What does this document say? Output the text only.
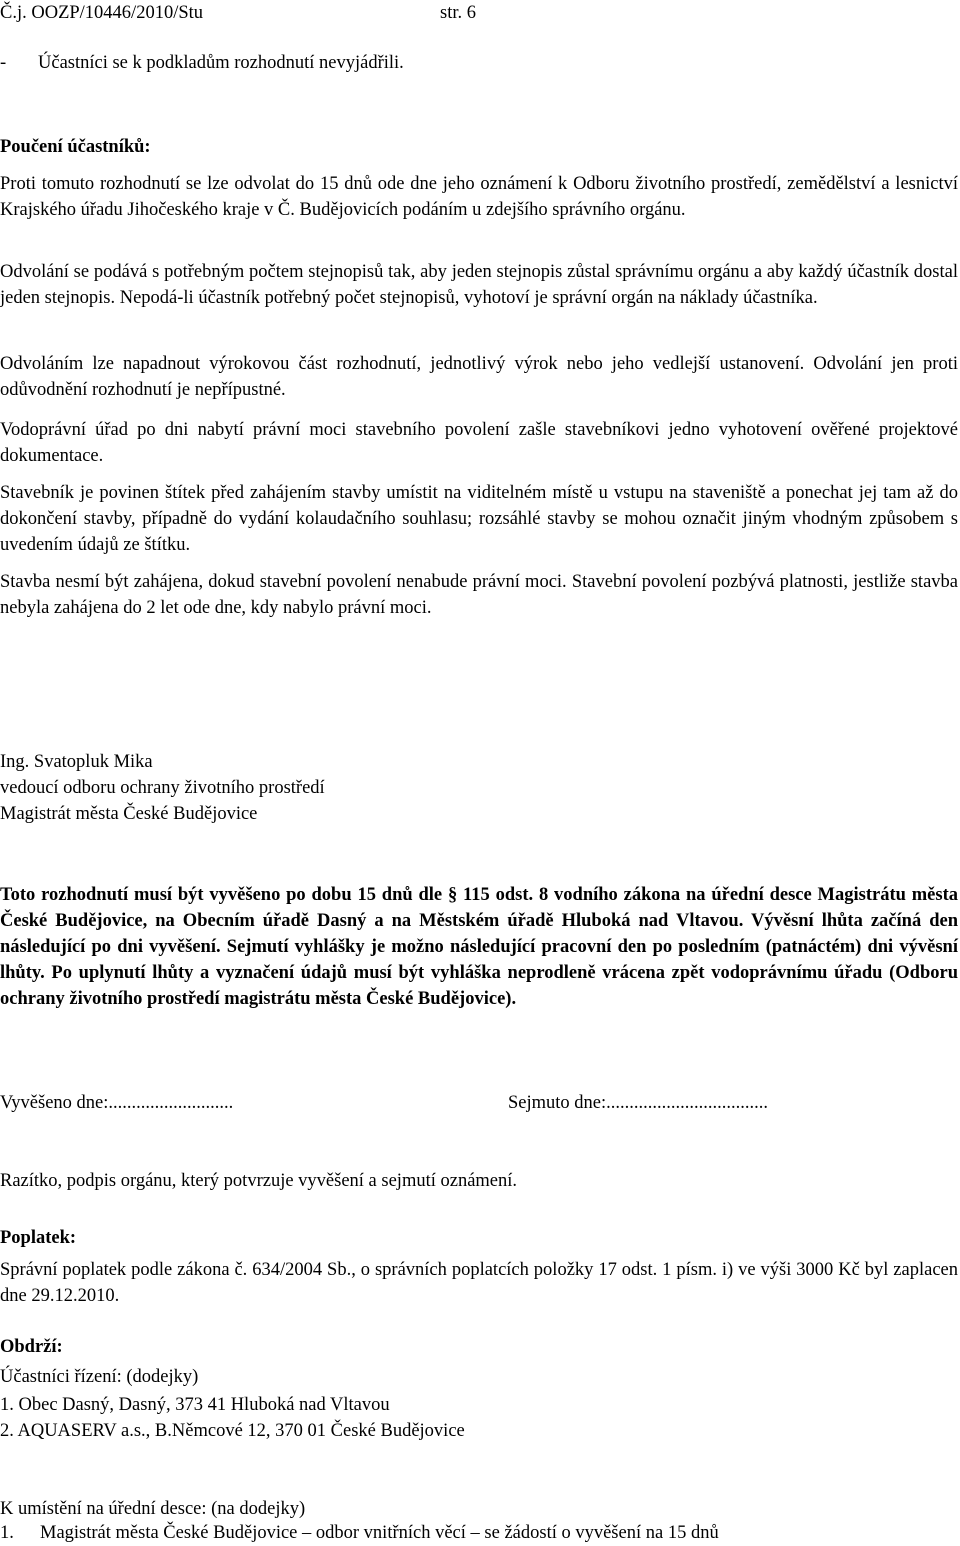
Č.j. OOZP/10446/2010/Stu	str. 6

- Účastníci se k podkladům rozhodnutí nevyjádřili.

Poučení účastníků:

Proti tomuto rozhodnutí se lze odvolat do 15 dnů ode dne jeho oznámení k Odboru životního prostředí, zemědělství a lesnictví Krajského úřadu Jihočeského kraje v Č. Budějovicích podáním u zdejšího správního orgánu.

Odvolání se podává s potřebným počtem stejnopisů tak, aby jeden stejnopis zůstal správnímu orgánu a aby každý účastník dostal jeden stejnopis. Nepodá-li účastník potřebný počet stejnopisů, vyhotoví je správní orgán na náklady účastníka.

Odvoláním lze napadnout výrokovou část rozhodnutí, jednotlivý výrok nebo jeho vedlejší ustanovení. Odvolání jen proti odůvodnění rozhodnutí je nepřípustné.

Vodoprávní úřad po dni nabytí právní moci stavebního povolení zašle stavebníkovi jedno vyhotovení ověřené projektové dokumentace.

Stavebník je povinen štítek před zahájením stavby umístit na viditelném místě u vstupu na staveniště a ponechat jej tam až do dokončení stavby, případně do vydání kolaudačního souhlasu; rozsáhlé stavby se mohou označit jiným vhodným způsobem s uvedením údajů ze štítku.

Stavba nesmí být zahájena, dokud stavební povolení nenabude právní moci. Stavební povolení pozbývá platnosti, jestliže stavba nebyla zahájena do 2 let ode dne, kdy nabylo právní moci.

Ing. Svatopluk Mika
vedoucí odboru ochrany životního prostředí
Magistrát města České Budějovice

Toto rozhodnutí musí být vyvěšeno po dobu 15 dnů dle § 115 odst. 8 vodního zákona na úřední desce Magistrátu města České Budějovice, na Obecním úřadě Dasný a na Městském úřadě Hluboká nad Vltavou. Vývěsní lhůta začíná den následující po dni vyvěšení. Sejmutí vyhlášky je možno následující pracovní den po posledním (patnáctém) dni vývěsní lhůty. Po uplynutí lhůty a vyznačení údajů musí být vyhláška neprodleně vrácena zpět vodoprávnímu úřadu (Odboru ochrany životního prostředí magistrátu města České Budějovice).

Vyvěšeno dne:...........................	Sejmuto dne:...................................

Razítko, podpis orgánu, který potvrzuje vyvěšení a sejmutí oznámení.

Poplatek:

Správní poplatek podle zákona č. 634/2004 Sb., o správních poplatcích položky 17 odst. 1 písm. i) ve výši 3000 Kč byl zaplacen dne 29.12.2010.

Obdrží:

Účastníci řízení: (dodejky)

1. Obec Dasný, Dasný, 373 41 Hluboká nad Vltavou

2. AQUASERV a.s., B.Němcové 12, 370 01 České Budějovice

K umístění na úřední desce: (na dodejky)

1. Magistrát města České Budějovice – odbor vnitřních věcí – se žádostí o vyvěšení na 15 dnů
